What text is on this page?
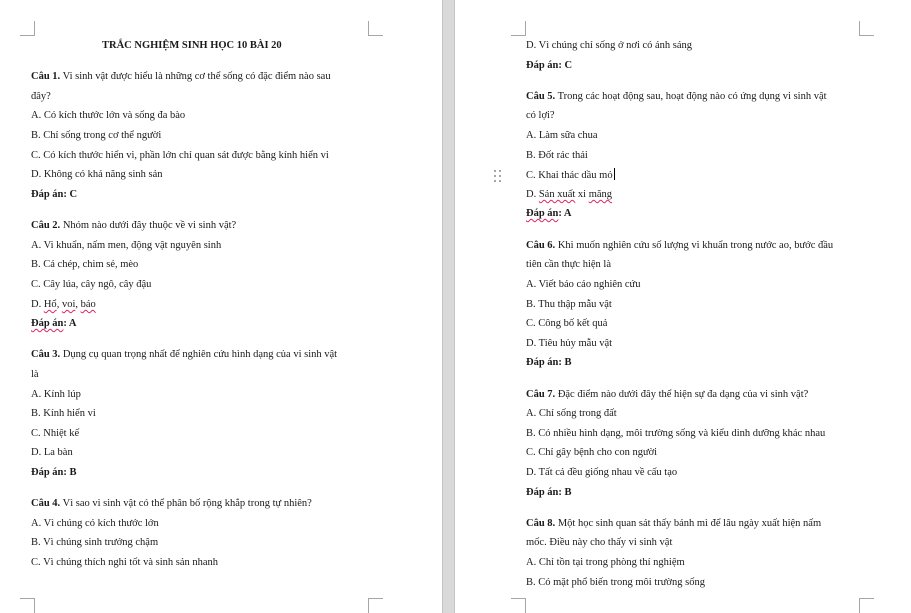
TRẮC NGHIỆM SINH HỌC 10 BÀI 20
Câu 1. Vi sinh vật được hiểu là những cơ thể sống có đặc điểm nào sau
đây?
A. Có kích thước lớn và sống đa bào
B. Chỉ sống trong cơ thể người
C. Có kích thước hiển vi, phần lớn chỉ quan sát được bằng kính hiển vi
D. Không có khả năng sinh sản
Đáp án: C
Câu 2. Nhóm nào dưới đây thuộc về vi sinh vật?
A. Vi khuẩn, nấm men, động vật nguyên sinh
B. Cá chép, chim sẻ, mèo
C. Cây lúa, cây ngô, cây đậu
D. Hổ, voi, báo
Đáp án: A
Câu 3. Dụng cụ quan trọng nhất để nghiên cứu hình dạng của vi sinh vật
là
A. Kính lúp
B. Kính hiển vi
C. Nhiệt kế
D. La bàn
Đáp án: B
Câu 4. Vì sao vi sinh vật có thể phân bố rộng khắp trong tự nhiên?
A. Vì chúng có kích thước lớn
B. Vì chúng sinh trưởng chậm
C. Vì chúng thích nghi tốt và sinh sản nhanh
D. Vì chúng chỉ sống ở nơi có ánh sáng
Đáp án: C
Câu 5. Trong các hoạt động sau, hoạt động nào có ứng dụng vi sinh vật
có lợi?
A. Làm sữa chua
B. Đốt rác thải
C. Khai thác dầu mỏ
D. Sản xuất xi măng
Đáp án: A
Câu 6. Khi muốn nghiên cứu số lượng vi khuẩn trong nước ao, bước đầu
tiên cần thực hiện là
A. Viết báo cáo nghiên cứu
B. Thu thập mẫu vật
C. Công bố kết quả
D. Tiêu hủy mẫu vật
Đáp án: B
Câu 7. Đặc điểm nào dưới đây thể hiện sự đa dạng của vi sinh vật?
A. Chỉ sống trong đất
B. Có nhiều hình dạng, môi trường sống và kiểu dinh dưỡng khác nhau
C. Chỉ gây bệnh cho con người
D. Tất cả đều giống nhau về cấu tạo
Đáp án: B
Câu 8. Một học sinh quan sát thấy bánh mì để lâu ngày xuất hiện nấm
mốc. Điều này cho thấy vi sinh vật
A. Chỉ tồn tại trong phòng thí nghiệm
B. Có mặt phổ biến trong môi trường sống
